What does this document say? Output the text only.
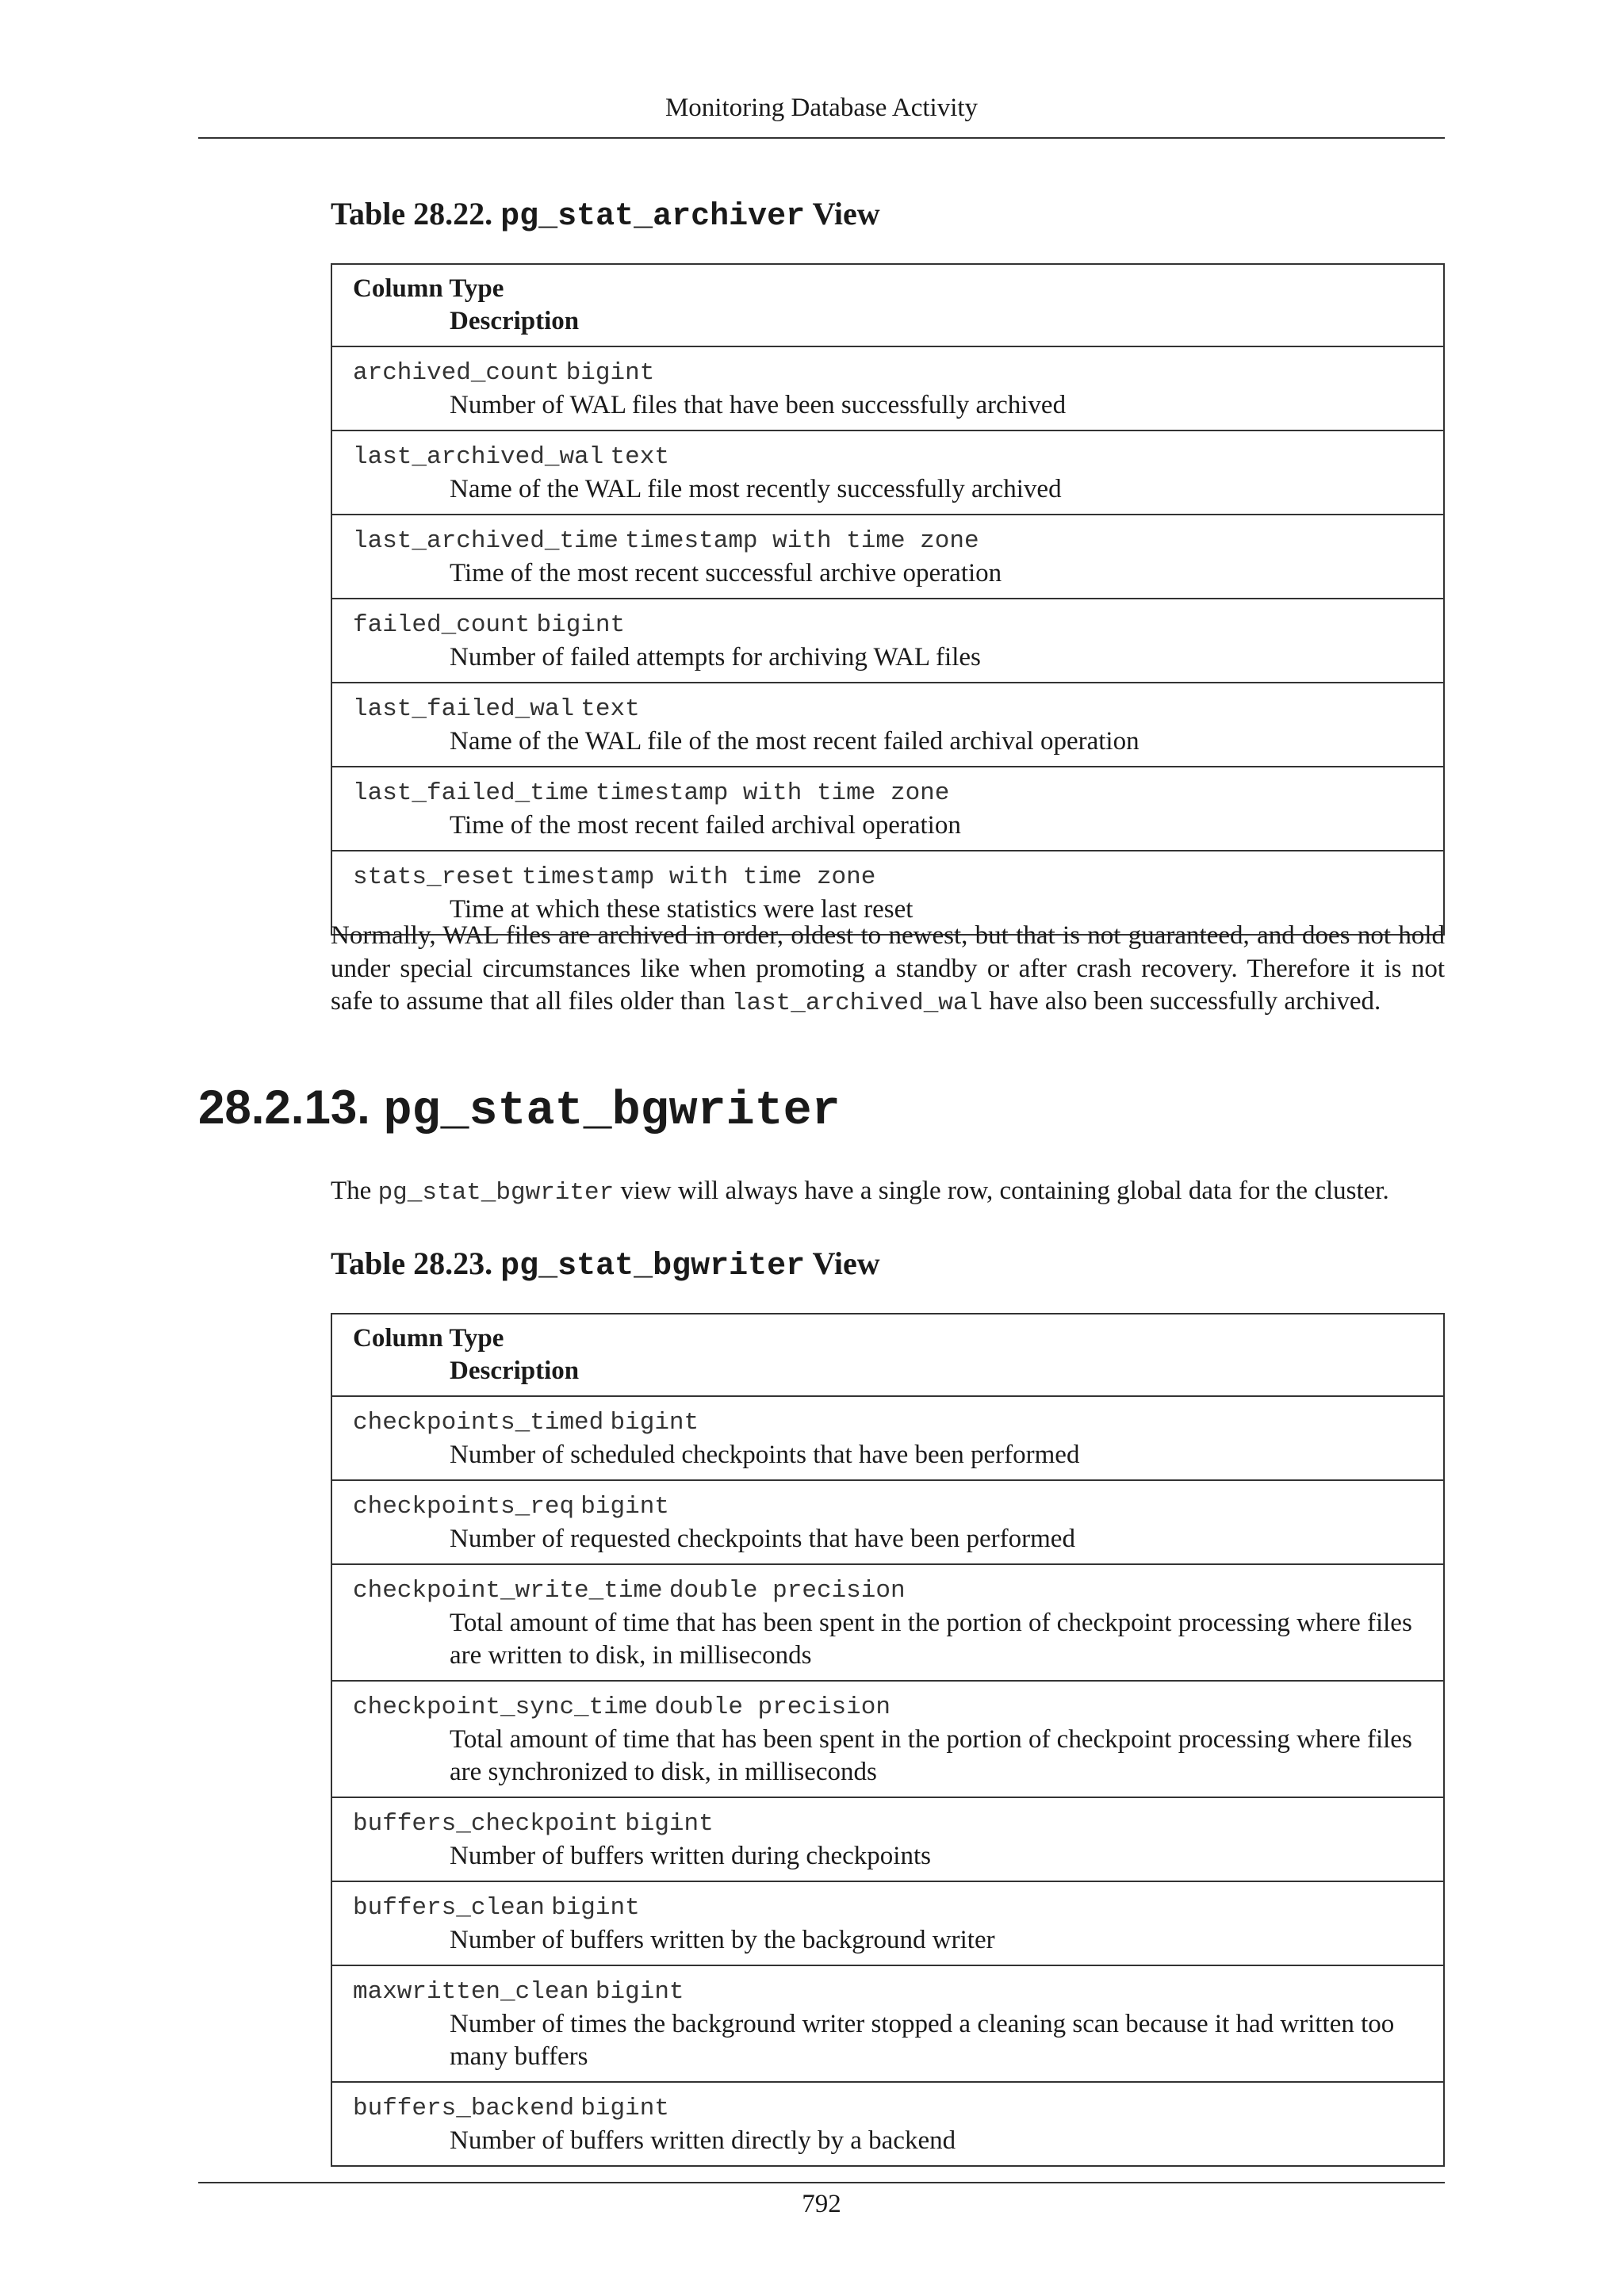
Monitoring Database Activity
Table 28.22. pg_stat_archiver View
Column Type
Description

archived_count bigint
Number of WAL files that have been successfully archived

last_archived_wal text
Name of the WAL file most recently successfully archived

last_archived_time timestamp with time zone
Time of the most recent successful archive operation

failed_count bigint
Number of failed attempts for archiving WAL files

last_failed_wal text
Name of the WAL file of the most recent failed archival operation

last_failed_time timestamp with time zone
Time of the most recent failed archival operation

stats_reset timestamp with time zone
Time at which these statistics were last reset
Normally, WAL files are archived in order, oldest to newest, but that is not guaranteed, and does not hold under special circumstances like when promoting a standby or after crash recovery. Therefore it is not safe to assume that all files older than last_archived_wal have also been successfully archived.
28.2.13. pg_stat_bgwriter
The pg_stat_bgwriter view will always have a single row, containing global data for the cluster.
Table 28.23. pg_stat_bgwriter View
Column Type
Description

checkpoints_timed bigint
Number of scheduled checkpoints that have been performed

checkpoints_req bigint
Number of requested checkpoints that have been performed

checkpoint_write_time double precision
Total amount of time that has been spent in the portion of checkpoint processing where files are written to disk, in milliseconds

checkpoint_sync_time double precision
Total amount of time that has been spent in the portion of checkpoint processing where files are synchronized to disk, in milliseconds

buffers_checkpoint bigint
Number of buffers written during checkpoints

buffers_clean bigint
Number of buffers written by the background writer

maxwritten_clean bigint
Number of times the background writer stopped a cleaning scan because it had written too many buffers

buffers_backend bigint
Number of buffers written directly by a backend
792
